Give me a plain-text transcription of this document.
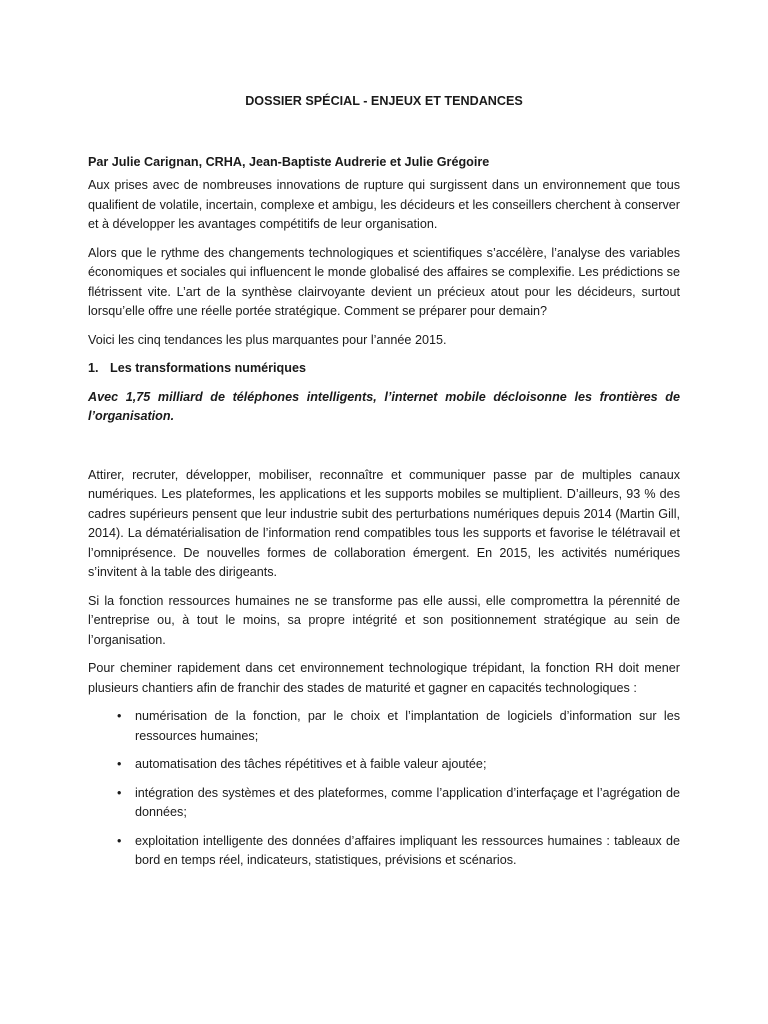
DOSSIER SPÉCIAL - ENJEUX ET TENDANCES

Par Julie Carignan, CRHA, Jean-Baptiste Audrerie et Julie Grégoire

Aux prises avec de nombreuses innovations de rupture qui surgissent dans un environnement que tous qualifient de volatile, incertain, complexe et ambigu, les décideurs et les conseillers cherchent à conserver et à développer les avantages compétitifs de leur organisation.

Alors que le rythme des changements technologiques et scientifiques s’accélère, l’analyse des variables économiques et sociales qui influencent le monde globalisé des affaires se complexifie. Les prédictions se flétrissent vite. L’art de la synthèse clairvoyante devient un précieux atout pour les décideurs, surtout lorsqu’elle offre une réelle portée stratégique. Comment se préparer pour demain?

Voici les cinq tendances les plus marquantes pour l’année 2015.

1. Les transformations numériques

Avec 1,75 milliard de téléphones intelligents, l’internet mobile décloisonne les frontières de l’organisation.

Attirer, recruter, développer, mobiliser, reconnaître et communiquer passe par de multiples canaux numériques. Les plateformes, les applications et les supports mobiles se multiplient. D’ailleurs, 93 % des cadres supérieurs pensent que leur industrie subit des perturbations numériques depuis 2014 (Martin Gill, 2014). La dématérialisation de l’information rend compatibles tous les supports et favorise le télétravail et l’omniprésence. De nouvelles formes de collaboration émergent. En 2015, les activités numériques s’invitent à la table des dirigeants.

Si la fonction ressources humaines ne se transforme pas elle aussi, elle compromettra la pérennité de l’entreprise ou, à tout le moins, sa propre intégrité et son positionnement stratégique au sein de l’organisation.

Pour cheminer rapidement dans cet environnement technologique trépidant, la fonction RH doit mener plusieurs chantiers afin de franchir des stades de maturité et gagner en capacités technologiques :

• numérisation de la fonction, par le choix et l’implantation de logiciels d’information sur les ressources humaines;
• automatisation des tâches répétitives et à faible valeur ajoutée;
• intégration des systèmes et des plateformes, comme l’application d’interfaçage et l’agrégation de données;
• exploitation intelligente des données d’affaires impliquant les ressources humaines : tableaux de bord en temps réel, indicateurs, statistiques, prévisions et scénarios.
